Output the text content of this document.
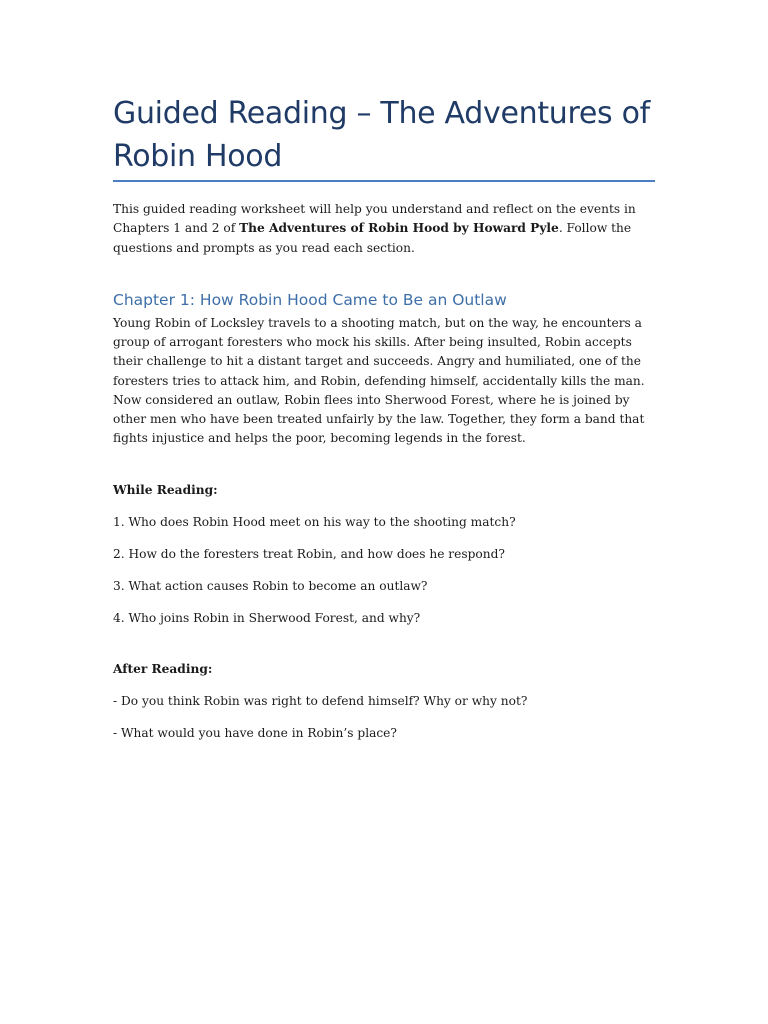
Guided Reading – The Adventures of Robin Hood

This guided reading worksheet will help you understand and reflect on the events in Chapters 1 and 2 of The Adventures of Robin Hood by Howard Pyle. Follow the questions and prompts as you read each section.

Chapter 1: How Robin Hood Came to Be an Outlaw

Young Robin of Locksley travels to a shooting match, but on the way, he encounters a group of arrogant foresters who mock his skills. After being insulted, Robin accepts their challenge to hit a distant target and succeeds. Angry and humiliated, one of the foresters tries to attack him, and Robin, defending himself, accidentally kills the man. Now considered an outlaw, Robin flees into Sherwood Forest, where he is joined by other men who have been treated unfairly by the law. Together, they form a band that fights injustice and helps the poor, becoming legends in the forest.

While Reading:

1. Who does Robin Hood meet on his way to the shooting match?

2. How do the foresters treat Robin, and how does he respond?

3. What action causes Robin to become an outlaw?

4. Who joins Robin in Sherwood Forest, and why?

After Reading:

- Do you think Robin was right to defend himself? Why or why not?

- What would you have done in Robin’s place?
